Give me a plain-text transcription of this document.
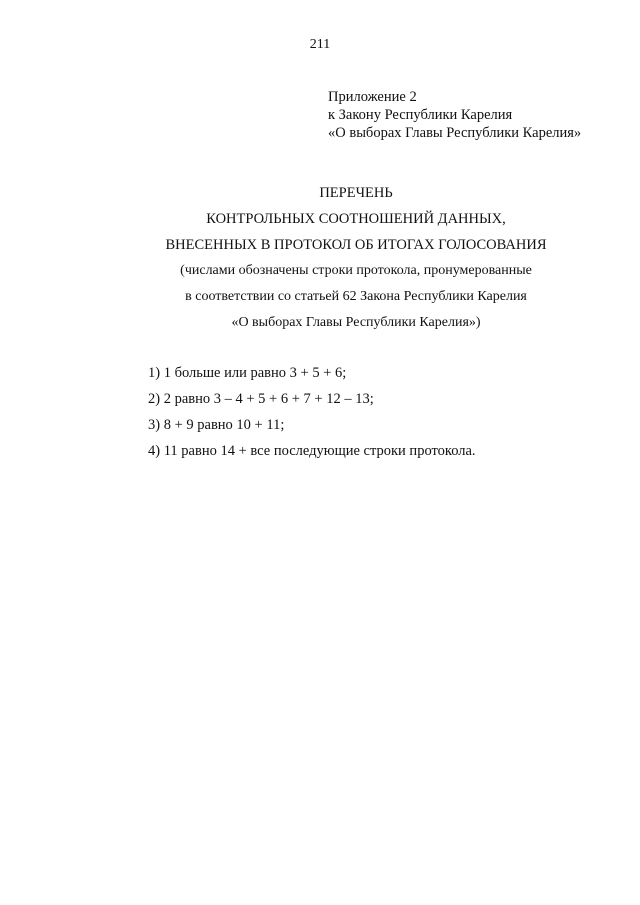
211
Приложение 2
к Закону Республики Карелия
«О выборах Главы Республики Карелия»
ПЕРЕЧЕНЬ
КОНТРОЛЬНЫХ СООТНОШЕНИЙ ДАННЫХ,
ВНЕСЕННЫХ В ПРОТОКОЛ ОБ ИТОГАХ ГОЛОСОВАНИЯ
(числами обозначены строки протокола, пронумерованные
в соответствии со статьей 62 Закона Республики Карелия
«О выборах Главы Республики Карелия»)
1) 1 больше или равно 3 + 5 + 6;
2) 2 равно 3 – 4 + 5 + 6 + 7 + 12 – 13;
3) 8 + 9 равно 10 + 11;
4) 11 равно 14 + все последующие строки протокола.
